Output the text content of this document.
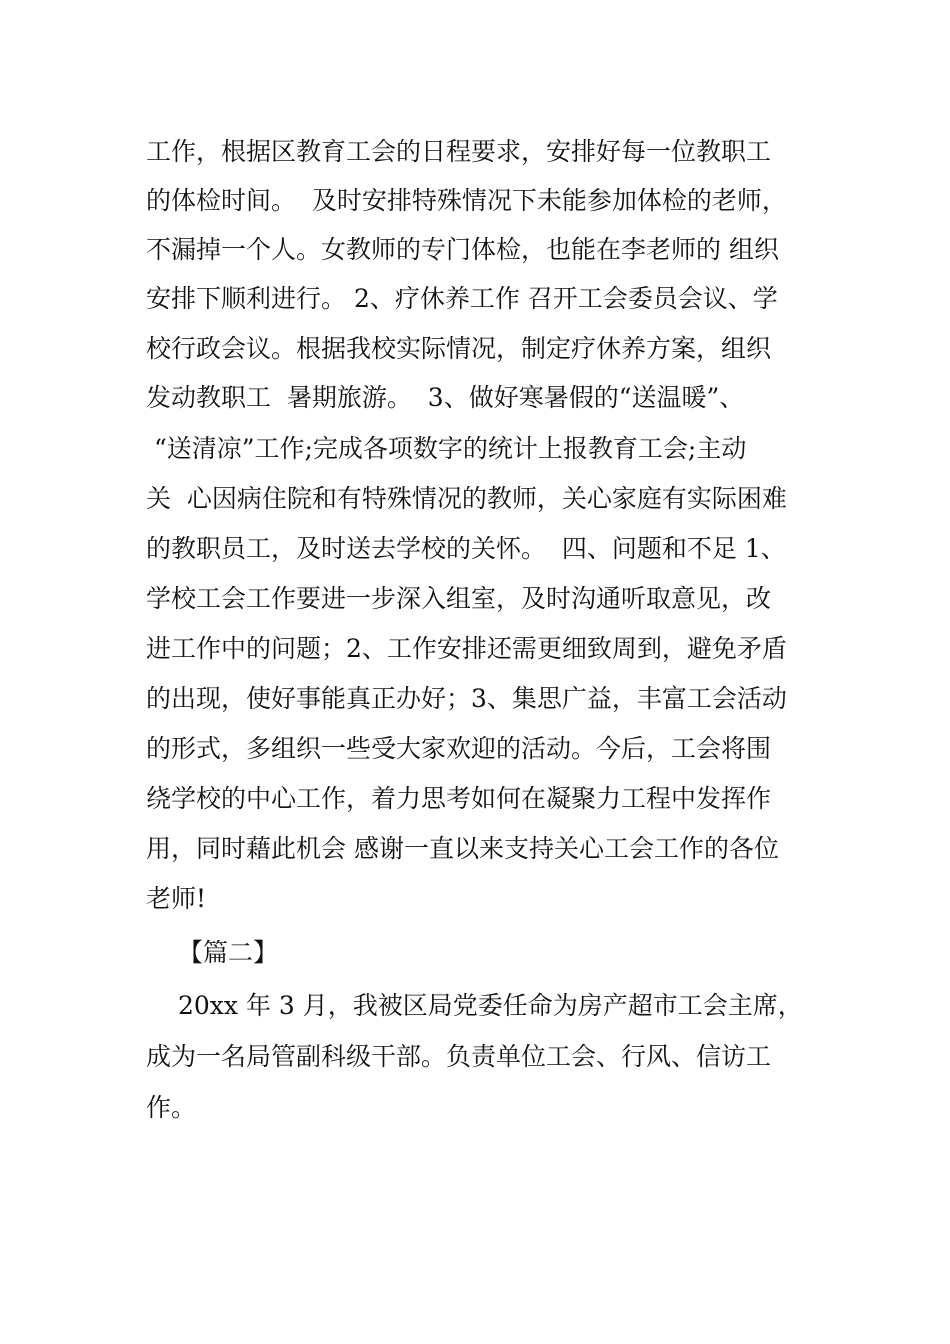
工作，根据区教育工会的日程要求，安排好每一位教职工
的体检时间。  及时安排特殊情况下未能参加体检的老师，
不漏掉一个人。女教师的专门体检，也能在李老师的 组织
安排下顺利进行。 2、疗休养工作 召开工会委员会议、学
校行政会议。根据我校实际情况，制定疗休养方案，组织
发动教职工  暑期旅游。  3、做好寒暑假的“送温暖”、
“送清凉”工作;完成各项数字的统计上报教育工会;主动
关  心因病住院和有特殊情况的教师，关心家庭有实际困难
的教职员工，及时送去学校的关怀。  四、问题和不足 1、
学校工会工作要进一步深入组室，及时沟通听取意见，改
进工作中的问题；2、工作安排还需更细致周到，避免矛盾
的出现，使好事能真正办好；3、集思广益，丰富工会活动
的形式，多组织一些受大家欢迎的活动。今后，工会将围
绕学校的中心工作，着力思考如何在凝聚力工程中发挥作
用，同时藉此机会 感谢一直以来支持关心工会工作的各位
老师!
【篇二】
20xx 年 3 月，我被区局党委任命为房产超市工会主席，
成为一名局管副科级干部。负责单位工会、行风、信访工
作。
